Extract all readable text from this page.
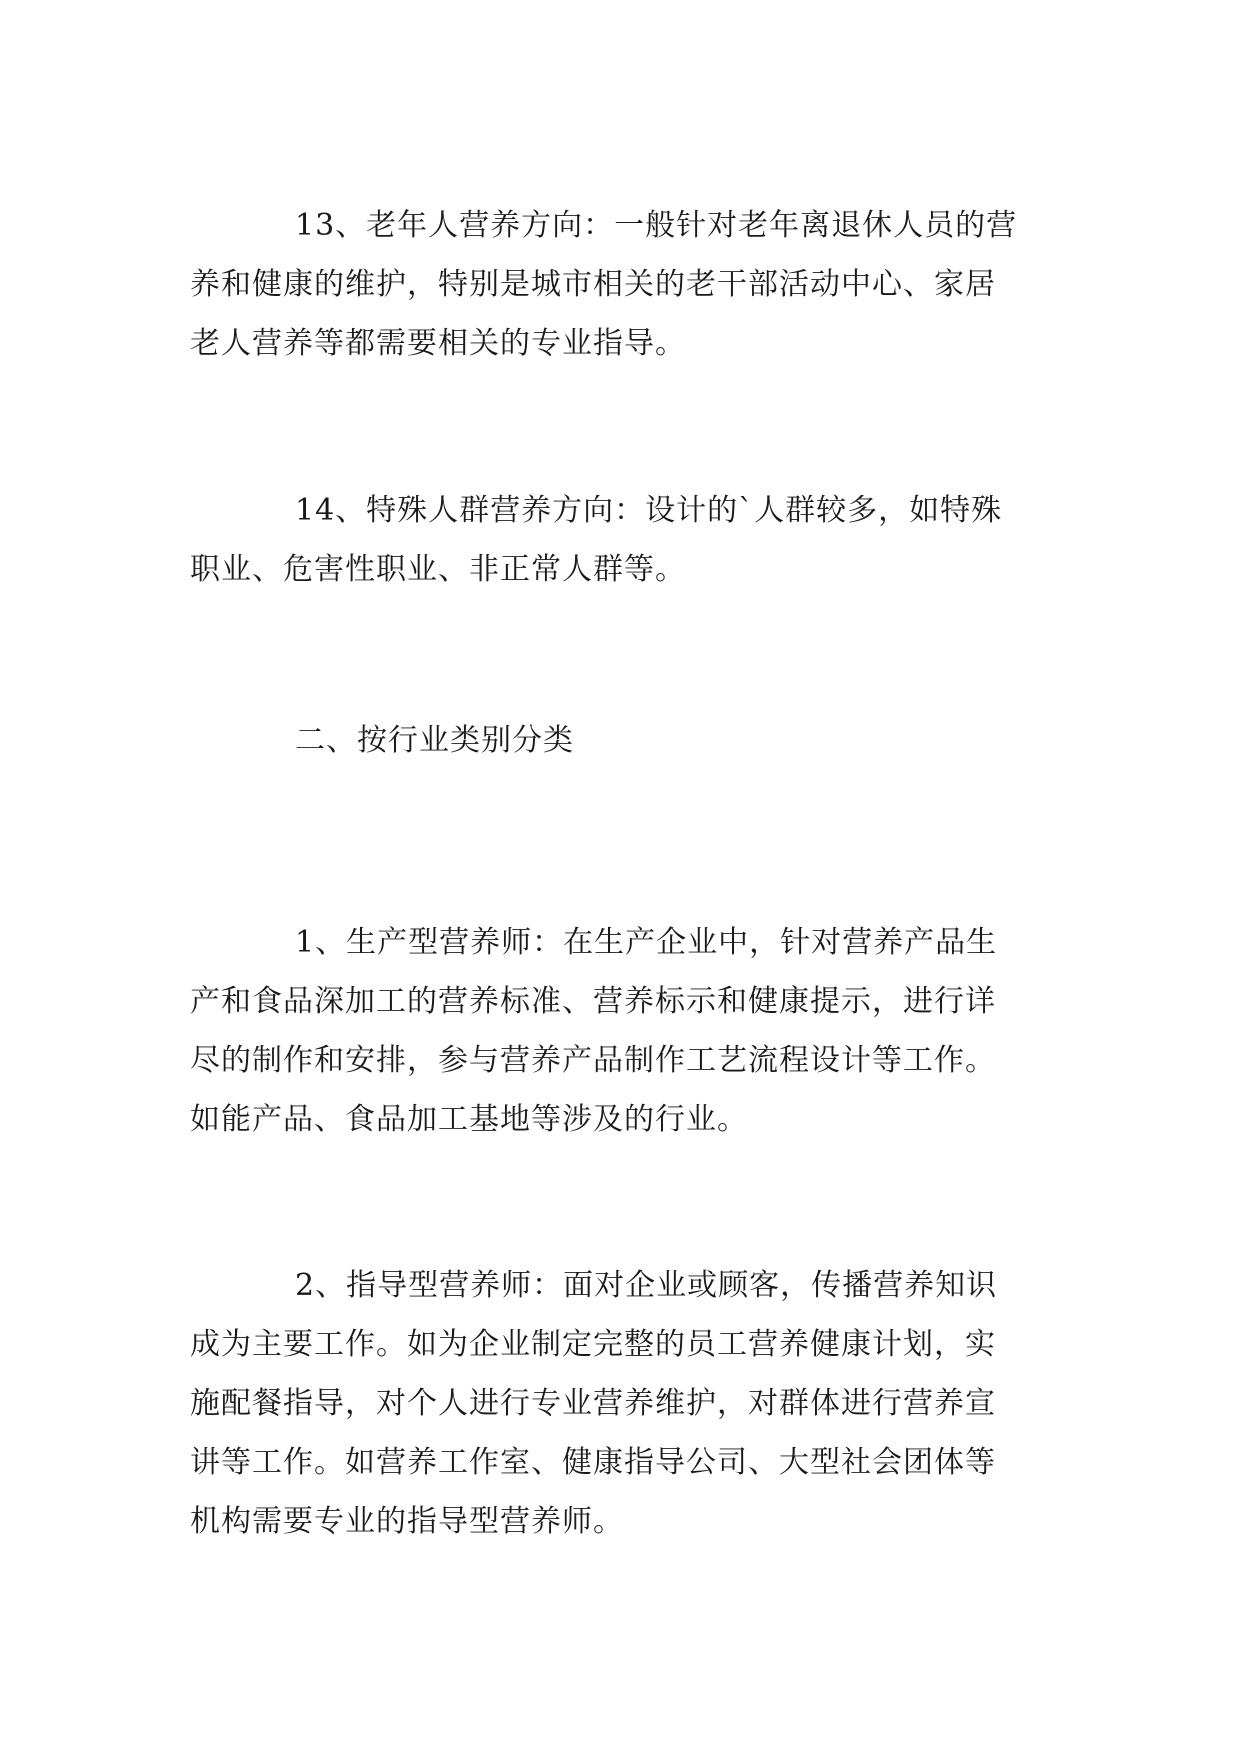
13、老年人营养方向：一般针对老年离退休人员的营
养和健康的维护，特别是城市相关的老干部活动中心、家居
老人营养等都需要相关的专业指导。

14、特殊人群营养方向：设计的`人群较多，如特殊
职业、危害性职业、非正常人群等。

二、按行业类别分类

1、生产型营养师：在生产企业中，针对营养产品生
产和食品深加工的营养标准、营养标示和健康提示，进行详
尽的制作和安排，参与营养产品制作工艺流程设计等工作。
如能产品、食品加工基地等涉及的行业。

2、指导型营养师：面对企业或顾客，传播营养知识
成为主要工作。如为企业制定完整的员工营养健康计划，实
施配餐指导，对个人进行专业营养维护，对群体进行营养宣
讲等工作。如营养工作室、健康指导公司、大型社会团体等
机构需要专业的指导型营养师。
